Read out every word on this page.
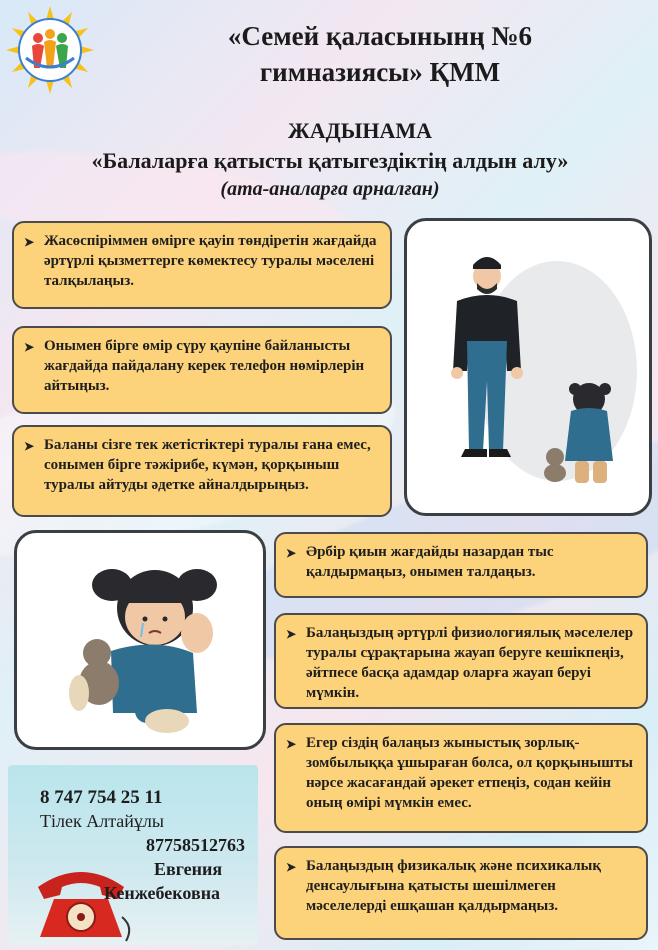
«Семей қаласынынң №6
гимназиясы» ҚММ
ЖАДЫНАМА
«Балаларға қатысты қатыгездіктің алдын алу»
(ата-аналарға арналған)
➤ Жасөспіріммен өмірге қауіп төндіретін жағдайда әртүрлі қызметтерге көмектесу туралы мәселені талқылаңыз.
➤ Онымен бірге өмір сүру қаупіне байланысты жағдайда пайдалану керек телефон нөмірлерін айтыңыз.
➤ Баланы сізге тек жетістіктері туралы ғана емес, сонымен бірге тәжірибе, күмән, қорқыныш туралы айтуды әдетке айналдырыңыз.
➤ Әрбір қиын жағдайды назардан тыс қалдырмаңыз, онымен талдаңыз.
➤ Балаңыздың әртүрлі физиологиялық мәселелер туралы сұрақтарына жауап беруге кешікпеңіз, әйтпесе басқа адамдар оларға жауап беруі мүмкін.
➤ Егер сіздің балаңыз жыныстық зорлық-зомбылыққа ұшыраған болса, ол қорқынышты нәрсе жасағандай әрекет етпеңіз, содан кейін оның өмірі мүмкін емес.
➤ Балаңыздың физикалық және психикалық денсаулығына қатысты шешілмеген мәселелерді ешқашан қалдырмаңыз.
8 747 754 25 11
Тілек Алтайұлы
87758512763
Евгения
Кенжебековна
